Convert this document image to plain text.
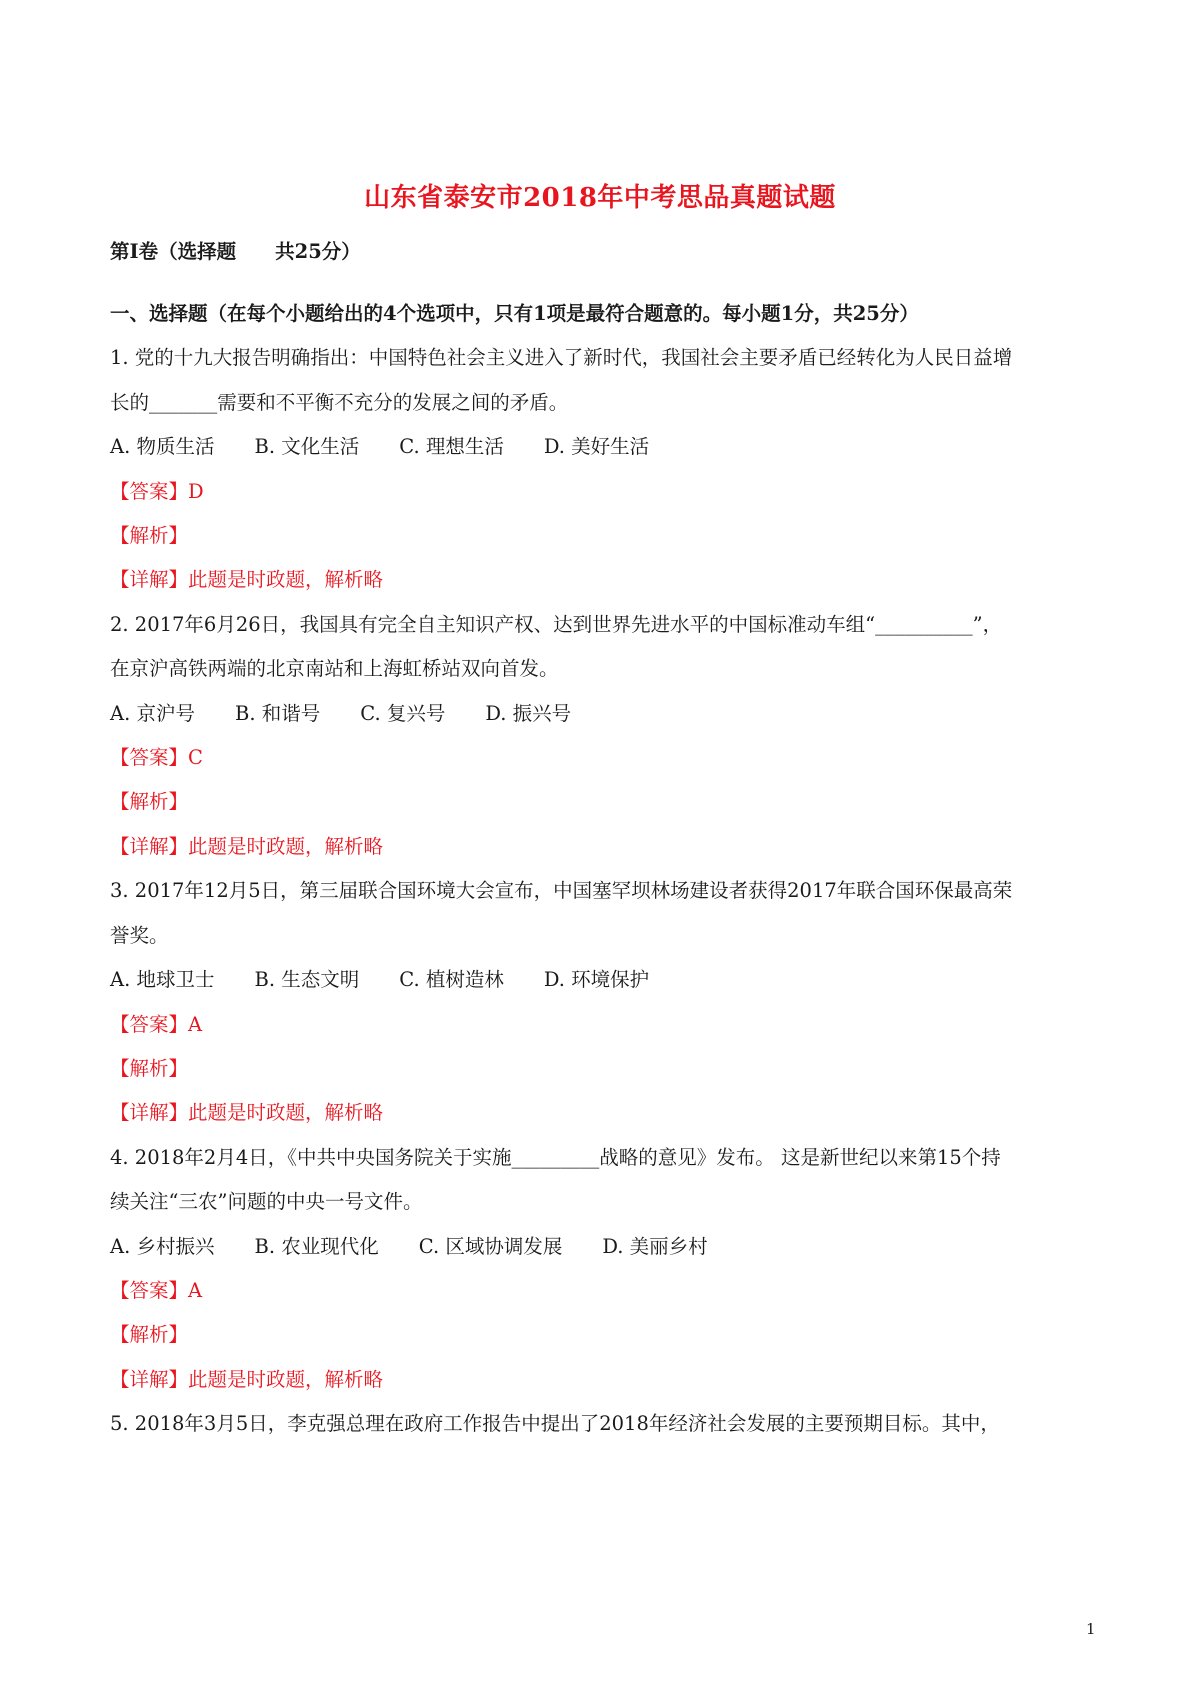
山东省泰安市2018年中考思品真题试题
第Ⅰ卷（选择题　　共25分）
一、选择题（在每个小题给出的4个选项中，只有1项是最符合题意的。每小题1分，共25分）
1. 党的十九大报告明确指出：中国特色社会主义进入了新时代，我国社会主要矛盾已经转化为人民日益增
长的_______需要和不平衡不充分的发展之间的矛盾。
A. 物质生活 B. 文化生活 C. 理想生活 D. 美好生活
【答案】D
【解析】
【详解】此题是时政题，解析略
2. 2017年6月26日，我国具有完全自主知识产权、达到世界先进水平的中国标准动车组“__________”，
在京沪高铁两端的北京南站和上海虹桥站双向首发。
A. 京沪号 B. 和谐号 C. 复兴号 D. 振兴号
【答案】C
【解析】
【详解】此题是时政题，解析略
3. 2017年12月5日，第三届联合国环境大会宣布，中国塞罕坝林场建设者获得2017年联合国环保最高荣
誉奖。
A. 地球卫士 B. 生态文明 C. 植树造林 D. 环境保护
【答案】A
【解析】
【详解】此题是时政题，解析略
4. 2018年2月4日，《中共中央国务院关于实施_________战略的意见》发布。 这是新世纪以来第15个持
续关注“三农”问题的中央一号文件。
A. 乡村振兴 B. 农业现代化 C. 区域协调发展 D. 美丽乡村
【答案】A
【解析】
【详解】此题是时政题，解析略
5. 2018年3月5日，李克强总理在政府工作报告中提出了2018年经济社会发展的主要预期目标。其中，
1
